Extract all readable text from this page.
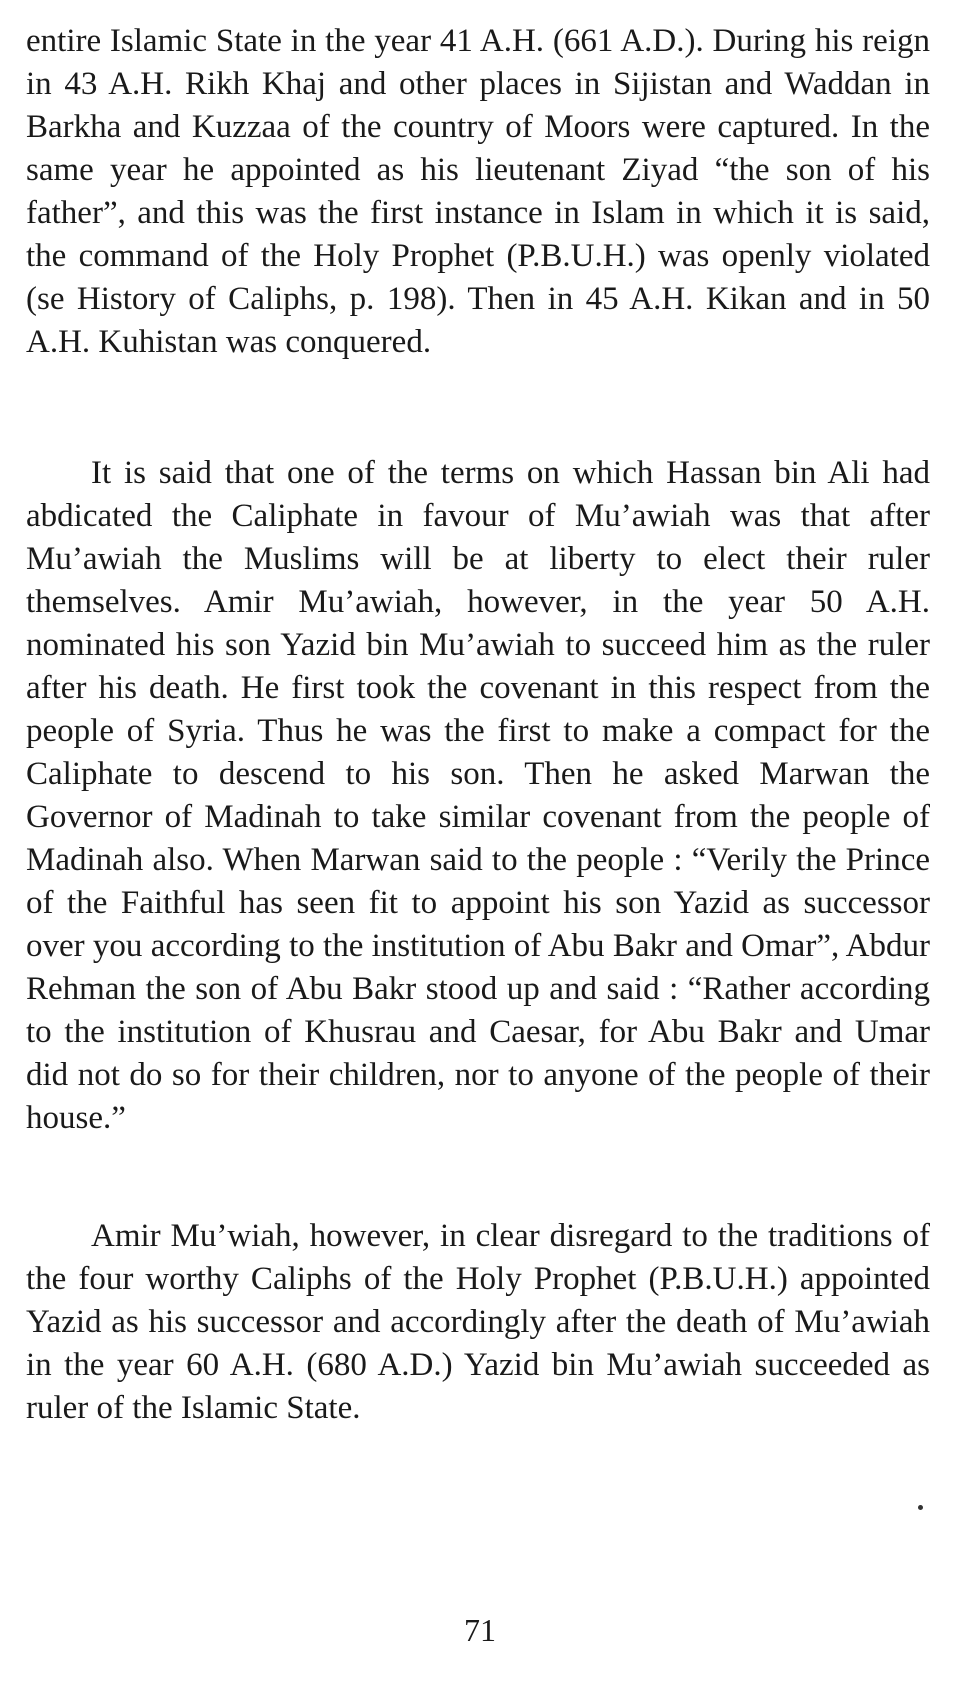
entire Islamic State in the year 41 A.H. (661 A.D.). During his reign in 43 A.H. Rikh Khaj and other places in Sijistan and Waddan in Barkha and Kuzzaa of the country of Moors were captured. In the same year he appointed as his lieutenant Ziyad “the son of his father”, and this was the first instance in Islam in which it is said, the command of the Holy Prophet (P.B.U.H.) was openly violated (se History of Caliphs, p. 198). Then in 45 A.H. Kikan and in 50 A.H. Kuhistan was conquered.

It is said that one of the terms on which Hassan bin Ali had abdicated the Caliphate in favour of Mu’awiah was that after Mu’awiah the Muslims will be at liberty to elect their ruler themselves. Amir Mu’awiah, however, in the year 50 A.H. nominated his son Yazid bin Mu’awiah to succeed him as the ruler after his death. He first took the covenant in this respect from the people of Syria. Thus he was the first to make a compact for the Caliphate to descend to his son. Then he asked Marwan the Governor of Madinah to take similar covenant from the people of Madinah also. When Marwan said to the people : “Verily the Prince of the Faithful has seen fit to appoint his son Yazid as successor over you according to the institution of Abu Bakr and Omar”, Abdur Rehman the son of Abu Bakr stood up and said : “Rather according to the institution of Khusrau and Caesar, for Abu Bakr and Umar did not do so for their children, nor to anyone of the people of their house.”

Amir Mu’wiah, however, in clear disregard to the traditions of the four worthy Caliphs of the Holy Prophet (P.B.U.H.) appointed Yazid as his successor and accordingly after the death of Mu’awiah in the year 60 A.H. (680 A.D.) Yazid bin Mu’awiah succeeded as ruler of the Islamic State.

71
